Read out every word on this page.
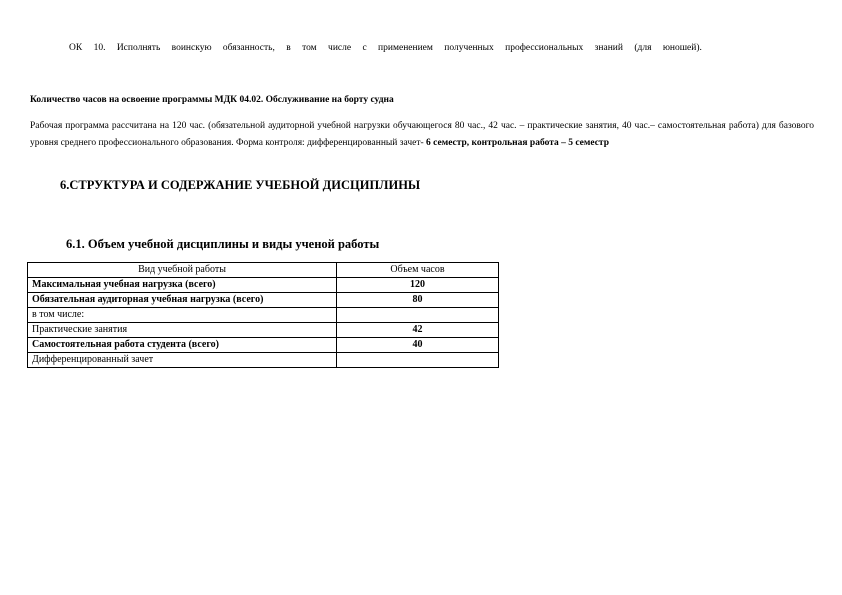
ОК 10. Исполнять воинскую обязанность, в том числе с применением полученных профессиональных знаний (для юношей).
Количество часов на освоение программы МДК 04.02. Обслуживание на борту судна
Рабочая программа рассчитана на 120 час. (обязательной аудиторной учебной нагрузки обучающегося 80 час., 42 час. – практические занятия, 40 час.– самостоятельная работа) для базового уровня среднего профессионального образования. Форма контроля: дифференцированный зачет- 6 семестр, контрольная работа – 5 семестр
6.СТРУКТУРА И СОДЕРЖАНИЕ УЧЕБНОЙ ДИСЦИПЛИНЫ
6.1. Объем учебной дисциплины и виды ученой работы
Вид учебной работы	Объем часов
Максимальная учебная нагрузка (всего)	120
Обязательная аудиторная учебная нагрузка (всего)	80
в том числе:	
Практические занятия	42
Самостоятельная работа студента (всего)	40
Дифференцированный зачет	
